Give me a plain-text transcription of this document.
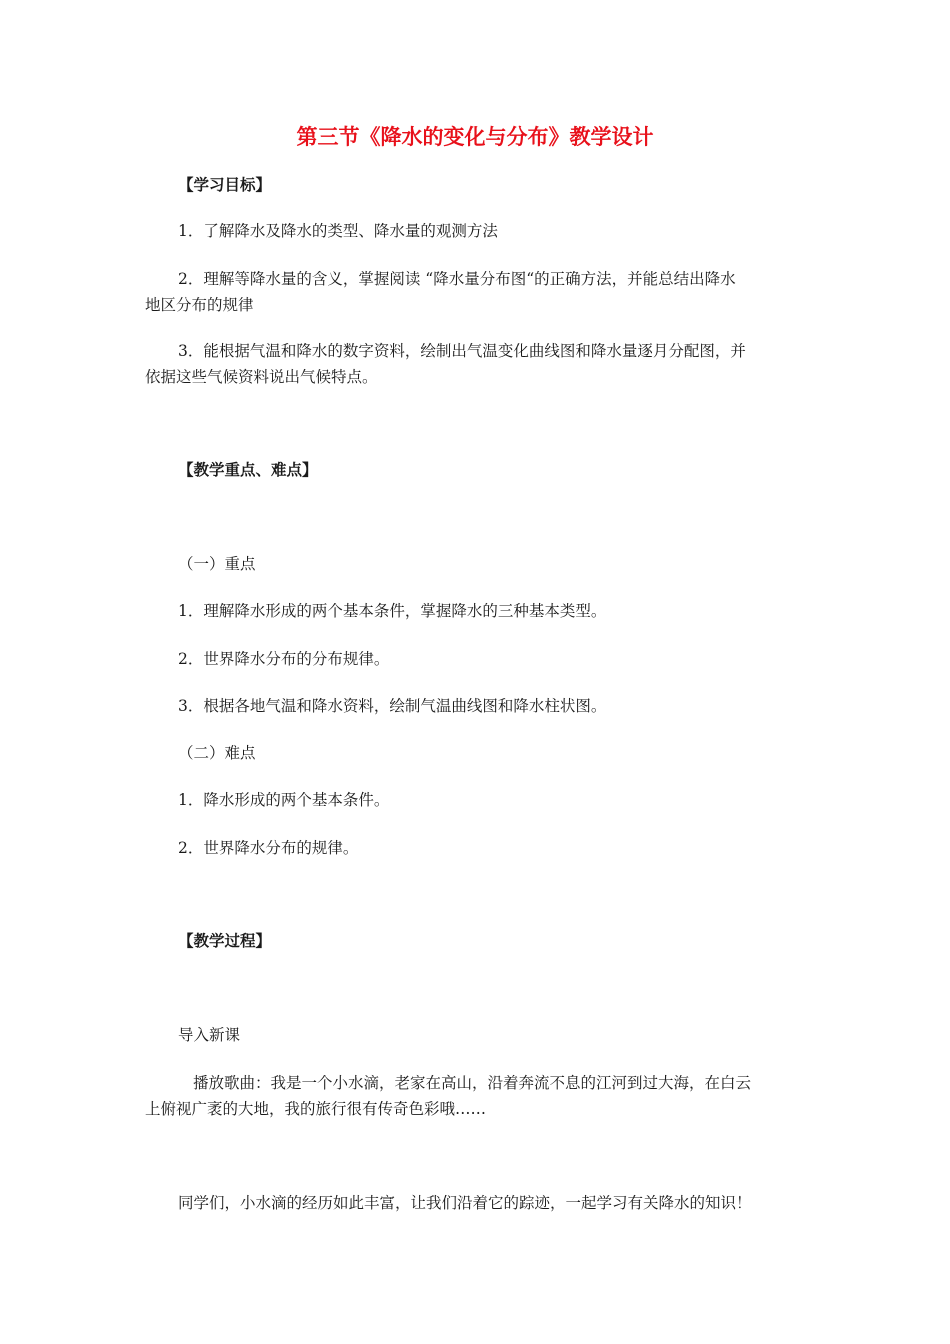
第三节《降水的变化与分布》教学设计
【学习目标】
1．了解降水及降水的类型、降水量的观测方法
2．理解等降水量的含义，掌握阅读 “降水量分布图“的正确方法，并能总结出降水
地区分布的规律
3．能根据气温和降水的数字资料，绘制出气温变化曲线图和降水量逐月分配图，并
依据这些气候资料说出气候特点。
【教学重点、难点】
（一）重点
1．理解降水形成的两个基本条件，掌握降水的三种基本类型。
2．世界降水分布的分布规律。
3．根据各地气温和降水资料，绘制气温曲线图和降水柱状图。
（二）难点
1．降水形成的两个基本条件。
2．世界降水分布的规律。
【教学过程】
导入新课
播放歌曲：我是一个小水滴，老家在高山，沿着奔流不息的江河到过大海，在白云
上俯视广袤的大地，我的旅行很有传奇色彩哦……
同学们，小水滴的经历如此丰富，让我们沿着它的踪迹，一起学习有关降水的知识！
